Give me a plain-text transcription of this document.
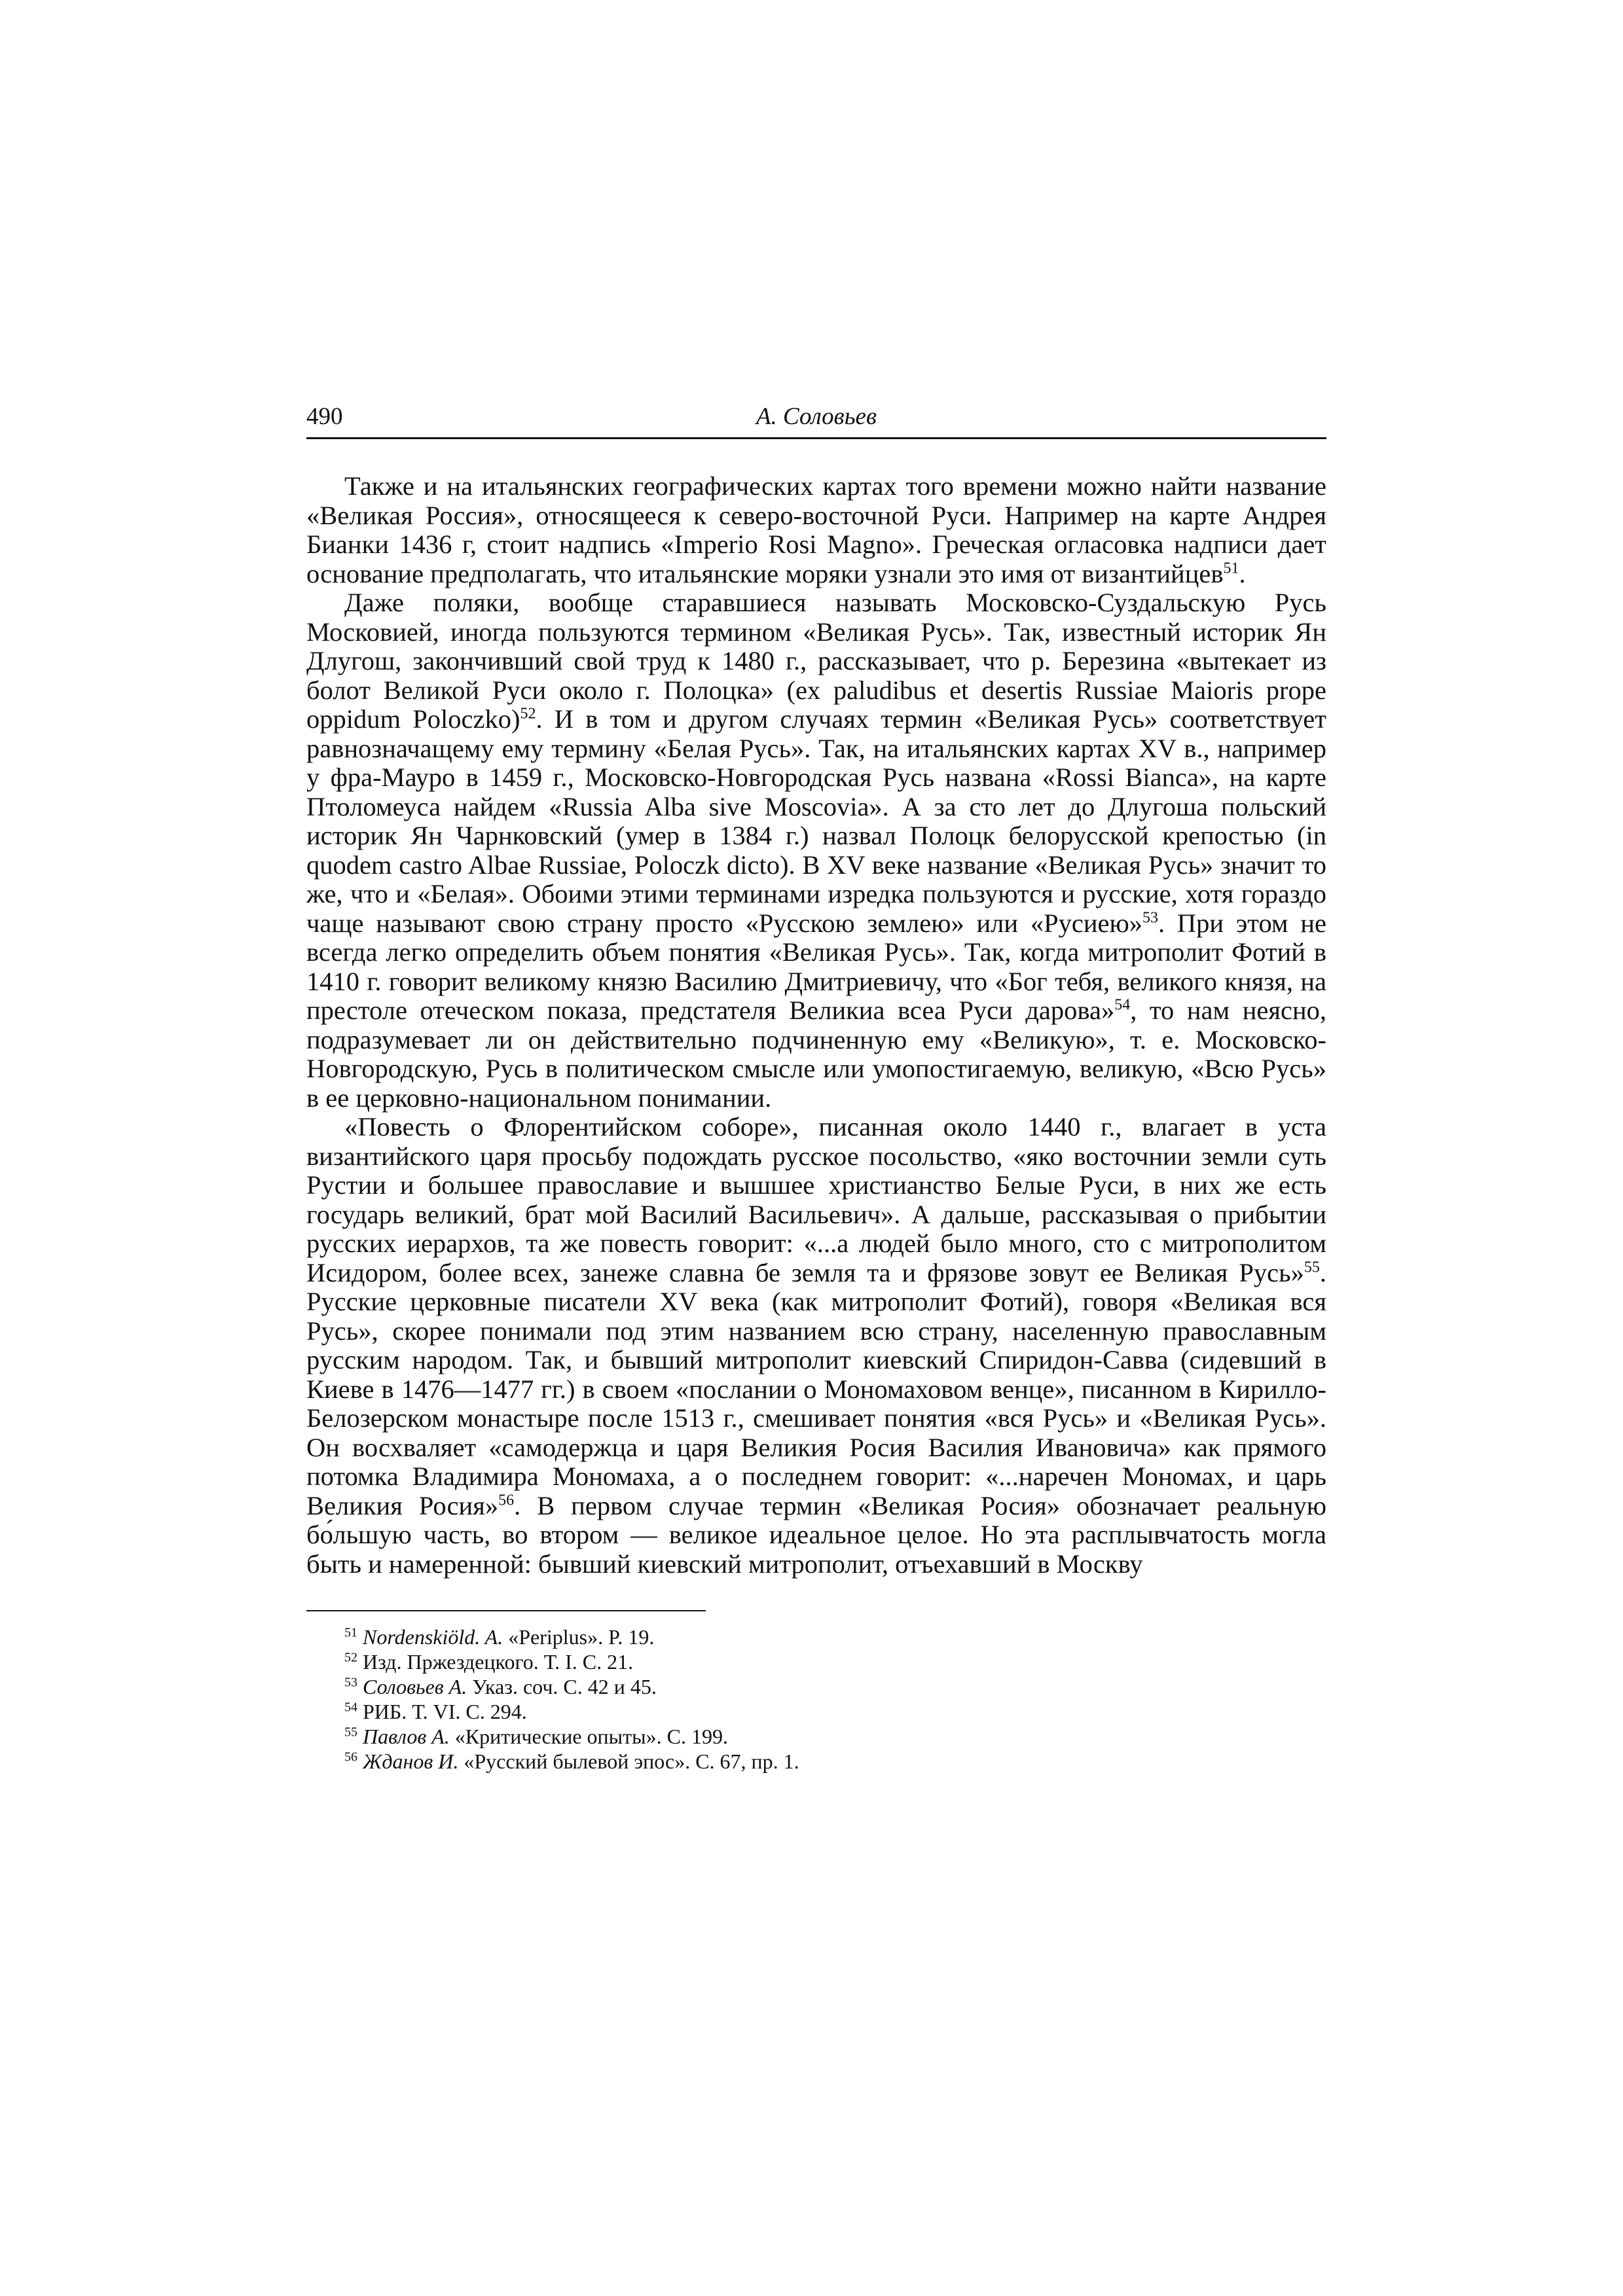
490	А. Соловьев

Также и на итальянских географических картах того времени можно найти название «Великая Россия», относящееся к северо-восточной Руси. Например на карте Андрея Бианки 1436 г, стоит надпись «Imperio Rosi Magno». Греческая огласовка надписи дает основание предполагать, что итальянские моряки узнали это имя от византийцев$^{51}$.

Даже поляки, вообще старавшиеся называть Московско-Суздальскую Русь Московией, иногда пользуются термином «Великая Русь». Так, известный историк Ян Длугош, закончивший свой труд к 1480 г., рассказывает, что р. Березина «вытекает из болот Великой Руси около г. Полоцка» (ex paludibus et desertis Russiae Maioris prope oppidum Poloczko)$^{52}$. И в том и другом случаях термин «Великая Русь» соответствует равнозначащему ему термину «Белая Русь». Так, на итальянских картах XV в., например у фра-Мауро в 1459 г., Московско-Новгородская Русь названа «Rossi Bianca», на карте Птоломеуса найдем «Russia Alba sive Moscovia». А за сто лет до Длугоша польский историк Ян Чарнковский (умер в 1384 г.) назвал Полоцк белорусской крепостью (in quodem castro Albae Russiae, Poloczk dicto). В XV веке название «Великая Русь» значит то же, что и «Белая». Обоими этими терминами изредка пользуются и русские, хотя гораздо чаще называют свою страну просто «Русскою землею» или «Русиею»$^{53}$. При этом не всегда легко определить объем понятия «Великая Русь». Так, когда митрополит Фотий в 1410 г. говорит великому князю Василию Дмитриевичу, что «Бог тебя, великого князя, на престоле отеческом показа, предстателя Великиа всеа Руси дарова»$^{54}$, то нам неясно, подразумевает ли он действительно подчиненную ему «Великую», т. е. Московско-Новгородскую, Русь в политическом смысле или умопостигаемую, великую, «Всю Русь» в ее церковно-национальном понимании.

«Повесть о Флорентийском соборе», писанная около 1440 г., влагает в уста византийского царя просьбу подождать русское посольство, «яко восточнии земли суть Рустии и большее православие и вышшее христианство Белые Руси, в них же есть государь великий, брат мой Василий Васильевич». А дальше, рассказывая о прибытии русских иерархов, та же повесть говорит: «...а людей было много, сто с митрополитом Исидором, более всех, занеже славна бе земля та и фрязове зовут ее Великая Русь»$^{55}$. Русские церковные писатели XV века (как митрополит Фотий), говоря «Великая вся Русь», скорее понимали под этим названием всю страну, населенную православным русским народом. Так, и бывший митрополит киевский Спиридон-Савва (сидевший в Киеве в 1476—1477 гг.) в своем «послании о Мономаховом венце», писанном в Кирилло-Белозерском монастыре после 1513 г., смешивает понятия «вся Русь» и «Великая Русь». Он восхваляет «самодержца и царя Великия Росия Василия Ивановича» как прямого потомка Владимира Мономаха, а о последнем говорит: «...наречен Мономах, и царь Великия Росия»$^{56}$. В первом случае термин «Великая Росия» обозначает реальную бо́льшую часть, во втором — великое идеальное целое. Но эта расплывчатость могла быть и намеренной: бывший киевский митрополит, отъехавший в Москву

$^{51}$ Nordenskiöld. A. «Periplus». P. 19.
$^{52}$ Изд. Пржездецкого. Т. I. С. 21.
$^{53}$ Соловьев А. Указ. соч. С. 42 и 45.
$^{54}$ РИБ. Т. VI. С. 294.
$^{55}$ Павлов А. «Критические опыты». С. 199.
$^{56}$ Жданов И. «Русский былевой эпос». С. 67, пр. 1.
